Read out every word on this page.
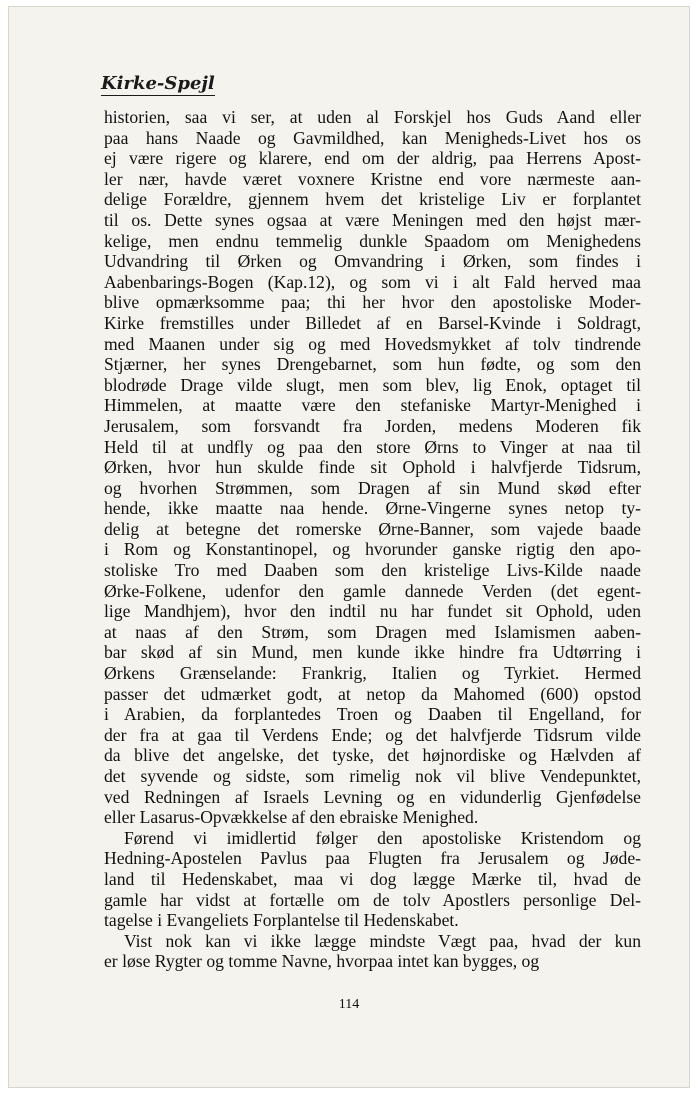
Kirke-Spejl
historien, saa vi ser, at uden al Forskjel hos Guds Aand eller
paa hans Naade og Gavmildhed, kan Menigheds-Livet hos os
ej være rigere og klarere, end om der aldrig, paa Herrens Apost-
ler nær, havde været voxnere Kristne end vore nærmeste aan-
delige Forældre, gjennem hvem det kristelige Liv er forplantet
til os. Dette synes ogsaa at være Meningen med den højst mær-
kelige, men endnu temmelig dunkle Spaadom om Menighedens
Udvandring til Ørken og Omvandring i Ørken, som findes i
Aabenbarings-Bogen (Kap.12), og som vi i alt Fald herved maa
blive opmærksomme paa; thi her hvor den apostoliske Moder-
Kirke fremstilles under Billedet af en Barsel-Kvinde i Soldragt,
med Maanen under sig og med Hovedsmykket af tolv tindrende
Stjærner, her synes Drengebarnet, som hun fødte, og som den
blodrøde Drage vilde slugt, men som blev, lig Enok, optaget til
Himmelen, at maatte være den stefaniske Martyr-Menighed i
Jerusalem, som forsvandt fra Jorden, medens Moderen fik
Held til at undfly og paa den store Ørns to Vinger at naa til
Ørken, hvor hun skulde finde sit Ophold i halvfjerde Tidsrum,
og hvorhen Strømmen, som Dragen af sin Mund skød efter
hende, ikke maatte naa hende. Ørne-Vingerne synes netop ty-
delig at betegne det romerske Ørne-Banner, som vajede baade
i Rom og Konstantinopel, og hvorunder ganske rigtig den apo-
stoliske Tro med Daaben som den kristelige Livs-Kilde naade
Ørke-Folkene, udenfor den gamle dannede Verden (det egent-
lige Mandhjem), hvor den indtil nu har fundet sit Ophold, uden
at naas af den Strøm, som Dragen med Islamismen aaben-
bar skød af sin Mund, men kunde ikke hindre fra Udtørring i
Ørkens Grænselande: Frankrig, Italien og Tyrkiet. Hermed
passer det udmærket godt, at netop da Mahomed (600) opstod
i Arabien, da forplantedes Troen og Daaben til Engelland, for
der fra at gaa til Verdens Ende; og det halvfjerde Tidsrum vilde
da blive det angelske, det tyske, det højnordiske og Hælvden af
det syvende og sidste, som rimelig nok vil blive Vendepunktet,
ved Redningen af Israels Levning og en vidunderlig Gjenfødelse
eller Lasarus-Opvækkelse af den ebraiske Menighed.
Førend vi imidlertid følger den apostoliske Kristendom og
Hedning-Apostelen Pavlus paa Flugten fra Jerusalem og Jøde-
land til Hedenskabet, maa vi dog lægge Mærke til, hvad de
gamle har vidst at fortælle om de tolv Apostlers personlige Del-
tagelse i Evangeliets Forplantelse til Hedenskabet.
Vist nok kan vi ikke lægge mindste Vægt paa, hvad der kun
er løse Rygter og tomme Navne, hvorpaa intet kan bygges, og
114
